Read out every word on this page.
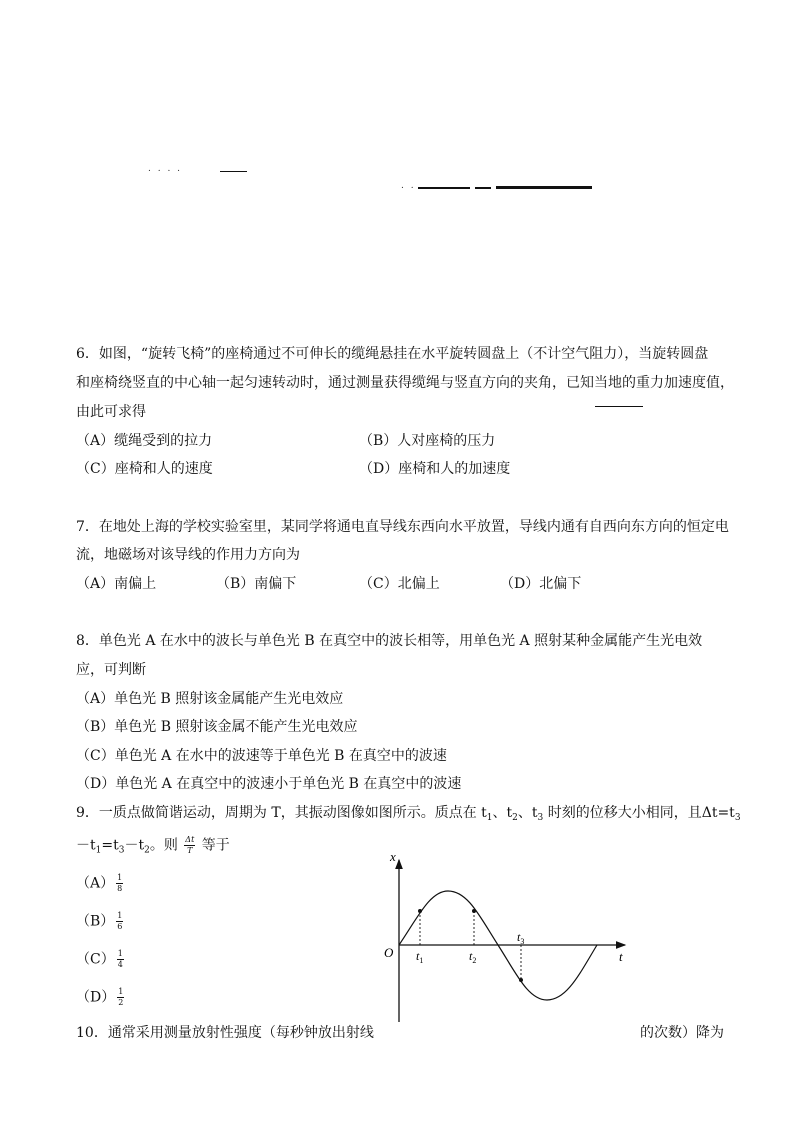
. . . .
. .
6．如图，“旋转飞椅”的座椅通过不可伸长的缆绳悬挂在水平旋转圆盘上（不计空气阻力），当旋转圆盘
和座椅绕竖直的中心轴一起匀速转动时，通过测量获得缆绳与竖直方向的夹角，已知当地的重力加速度值，
由此可求得
（A）缆绳受到的拉力	（B）人对座椅的压力
（C）座椅和人的速度	（D）座椅和人的加速度
7．在地处上海的学校实验室里，某同学将通电直导线东西向水平放置，导线内通有自西向东方向的恒定电
流，地磁场对该导线的作用力方向为
（A）南偏上	（B）南偏下	（C）北偏上	（D）北偏下
8．单色光 A 在水中的波长与单色光 B 在真空中的波长相等，用单色光 A 照射某种金属能产生光电效
应，可判断
（A）单色光 B 照射该金属能产生光电效应
（B）单色光 B 照射该金属不能产生光电效应
（C）单色光 A 在水中的波速等于单色光 B 在真空中的波速
（D）单色光 A 在真空中的波速小于单色光 B 在真空中的波速
9．一质点做简谐运动，周期为 T，其振动图像如图所示。质点在 $t_1$、$t_2$、$t_3$ 时刻的位移大小相同，且$\Delta t=t_3$
$-t_1=t_3-t_2$。则 $\frac{\Delta t}{T}$ 等于
$(A) \frac{1}{8}$
$(B) \frac{1}{6}$
$(C) \frac{1}{4}$
$(D) \frac{1}{2}$
x
t
O $t_1$	$t_2$
$t_3$
10．通常采用测量放射性强度（每秒钟放出射线	的次数）降为
